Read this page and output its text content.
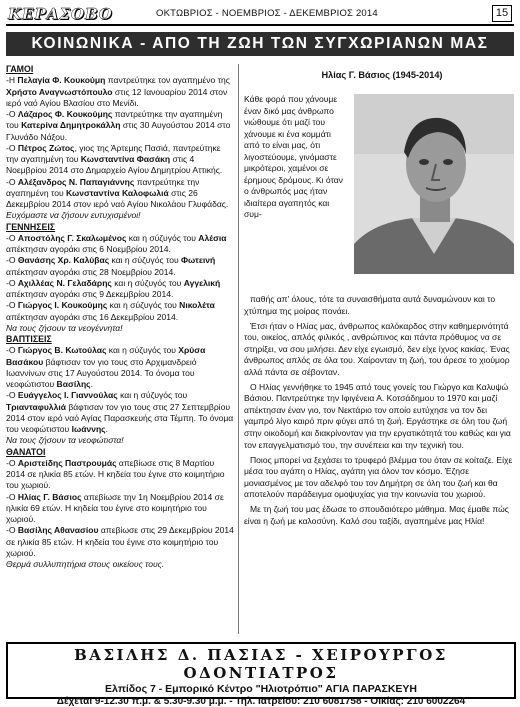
ΚΕΡΑΣΟΒΟ	ΟΚΤΩΒΡΙΟΣ - ΝΟΕΜΒΡΙΟΣ - ΔΕΚΕΜΒΡΙΟΣ 2014	15
ΚΟΙΝΩΝΙΚΑ - ΑΠΟ ΤΗ ΖΩΗ ΤΩΝ ΣΥΓΧΩΡΙΑΝΩΝ ΜΑΣ

ΓΑΜΟΙ

-Η Πελαγία Φ. Κουκούμη παντρεύτηκε τον αγαπημένο της Χρήστο Αναγνωστόπουλο στις 12 Ιανουαρίου 2014 στον ιερό ναό Αγίου Βλασίου στο Μενίδι.

-Ο Λάζαρος Φ. Κουκούμης παντρεύτηκε την αγαπημένη του Κατερίνα Δημητροκάλλη στις 30 Αυγούστου 2014 στο Γλυνάδο Νάξου.

-Ο Πέτρος Ζώτος, γιος της Άρτεμης Πασιά, παντρεύτηκε την αγαπημένη του Κωνσταντίνα Φασάκη στις 4 Νοεμβρίου 2014 στο Δημαρχείο Αγίου Δημητρίου Αττικής.

-Ο Αλέξανδρος Ν. Παπαγιάννης παντρεύτηκε την αγαπημένη του Κωνσταντίνα Καλοφωλιά στις 26 Δεκεμβρίου 2014 στον ιερό ναό Αγίου Νικολάου Γλυφάδας.

Ευχόμαστε να ζήσουν ευτυχισμένοι!

ΓΕΝΝΗΣΕΙΣ

-Ο Αποστόλης Γ. Σκαλωμένος και η σύζυγός του Αλέσια απέκτησαν αγοράκι στις 6 Νοεμβρίου 2014.

-Ο Θανάσης Χρ. Καλύβας και η σύζυγός του Φωτεινή απέκτησαν αγοράκι στις 28 Νοεμβρίου 2014.

-Ο Αχιλλέας Ν. Γελαδάρης και η σύζυγός του Αγγελική απέκτησαν αγοράκι στις 9 Δεκεμβρίου 2014.

-Ο Γιώργος Ι. Κουκούμης και η σύζυγός του Νικολέτα απέκτησαν αγοράκι στις 16 Δεκεμβρίου 2014.

Να τους ζήσουν τα νεογέννητα!

ΒΑΠΤΙΣΕΙΣ

-Ο Γιώργος Β. Κωτούλας και η σύζυγός του Χρύσα Βασάκου βάφτισαν τον γιο τους στο Αρχιμανδρειό Ιωαννίνων στις 17 Αυγούστου 2014. Το όνομα του νεοφώτιστου Βασίλης.

-Ο Ευάγγελος Ι. Γιαννούλας και η σύζυγός του Τριανταφυλλιά βάφτισαν τον γιο τους στις 27 Σεπτεμβρίου 2014 στον ιερό ναό Αγίας Παρασκευής στα Τέμπη. Το όνομα του νεοφώτιστου Ιωάννης.

Να τους ζήσουν τα νεοφώτιστα!

ΘΑΝΑΤΟΙ

-Ο Αριστείδης Παστρουμάς απεβίωσε στις 8 Μαρτίου 2014 σε ηλικία 85 ετών. Η κηδεία του έγινε στο κοιμητήριο του χωριού.

-Ο Ηλίας Γ. Βάσιος απεβίωσε την 1η Νοεμβρίου 2014 σε ηλικία 69 ετών. Η κηδεία του έγινε στο κοιμητήριο του χωριού.

-Ο Βασίλης Αθανασίου απεβίωσε στις 29 Δεκεμβρίου 2014 σε ηλικία 85 ετών. Η κηδεία του έγινε στο κοιμητήριο του χωριού.

Θερμά συλλυπητήρια στους οικείους τους.

Ηλίας Γ. Βάσιος (1945-2014)

Κάθε φορά που χάνουμε έναν δικό μας άνθρωπο νιώθουμε ότι μαζί του χάνουμε κι ένα κομμάτι από το είναι μας, ότι λιγοστεύουμε, γινόμαστε μικρότεροι, χαμένοι σε έρημους δρόμους. Κι όταν ο άνθρωπός μας ήταν ιδιαίτερα αγαπητός και συμ-

παθής απ' όλους, τότε τα συναισθήματα αυτά δυναμώνουν και το χτύπημα της μοίρας πονάει.

Έτσι ήταν ο Ηλίας μας, άνθρωπος καλόκαρδος στην καθημερινότητά του, οικείος, απλός φιλικός , ανθρώπινος και πάντα πρόθυμος να σε στηρίξει, να σου μιλήσει. Δεν είχε εγωισμό, δεν είχε ίχνος κακίας. Ένας άνθρωπος απλός σε όλα του. Χαίρονταν τη ζωή, του άρεσε το χιούμορ αλλά πάντα σε σέβονταν.

Ο Ηλίας γεννήθηκε το 1945 από τους γονείς του Γιώργο και Καλυψώ Βάσιου. Παντρεύτηκε την Ιφιγένεια Α. Κοτσάδημου το 1970 και μαζί απέκτησαν έναν γιο, τον Νεκτάριο τον οποίο ευτύχησε να τον δει γαμπρό λίγο καιρό πριν φύγει από τη ζωή. Εργάστηκε σε όλη του ζωή στην οικοδομή και διακρίνονταν για την εργατικότητά του καθώς και για τον επαγγελματισμό του, την συνέπεια και την τεχνική του.

Ποιος μπορεί να ξεχάσει το τρυφερό βλέμμα του όταν σε κοίταζε. Είχε μέσα του αγάπη ο Ηλίας, αγάπη για όλον τον κόσμο. Έζησε μονιασμένος με τον αδελφό του τον Δημήτρη σε όλη του ζωή και θα αποτελούν παράδειγμα ομοψυχίας για την κοινωνία του χωριού.

Με τη ζωή του μας έδωσε το σπουδαιότερο μάθημα. Μας έμαθε πώς είναι η ζωή με καλοσύνη. Καλό σου ταξίδι, αγαπημένε μας Ηλία!

ΒΑΣΙΛΗΣ Δ. ΠΑΣΙΑΣ - ΧΕΙΡΟΥΡΓΟΣ ΟΔΟΝΤΙΑΤΡΟΣ
Ελπίδος 7 - Εμπορικό Κέντρο "Ηλιοτρόπιο" ΑΓΙΑ ΠΑΡΑΣΚΕΥΗ
Δέχεται 9-12.30 π.μ. & 5.30-9.30 μ.μ. - Τηλ. Ιατρείου: 210 6081758 - Οικίας: 210 6002264
